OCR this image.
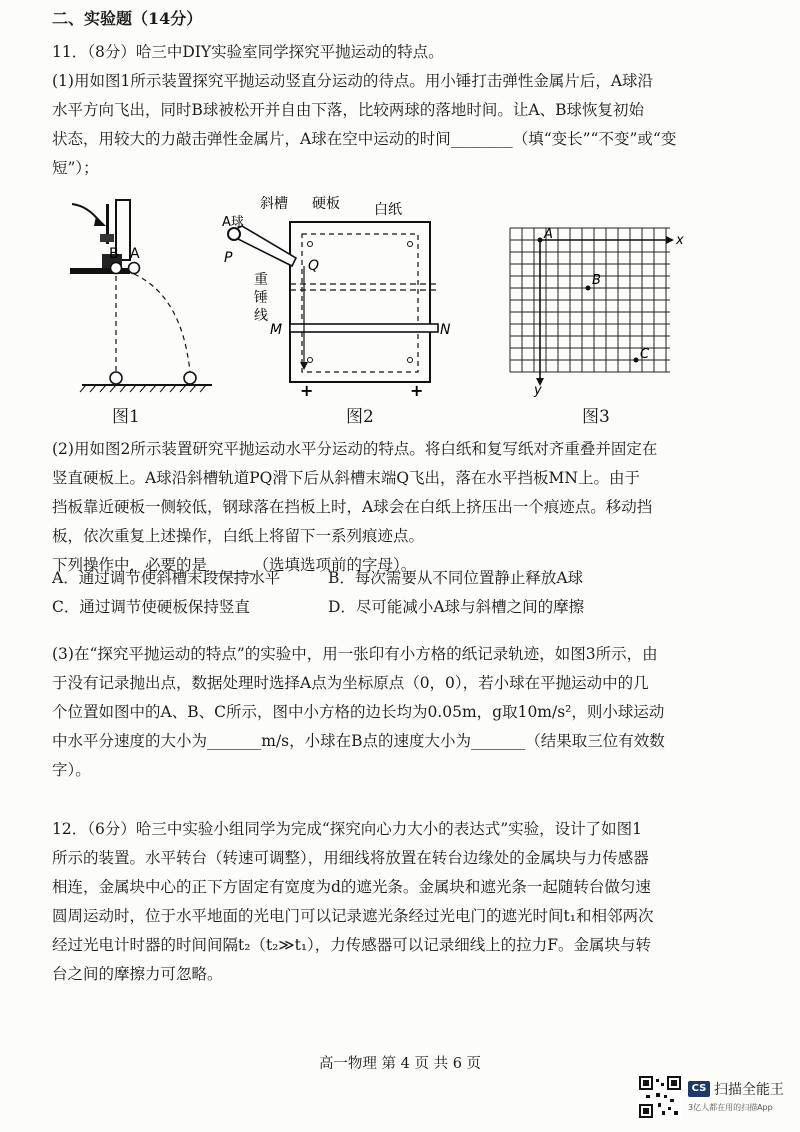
二、实验题（14分）
11．（8分）哈三中DIY实验室同学探究平抛运动的特点。
(1)用如图1所示装置探究平抛运动竖直分运动的待点。用小锤打击弹性金属片后，A球沿
水平方向飞出，同时B球被松开并自由下落，比较两球的落地时间。让A、B球恢复初始
状态，用较大的力敲击弹性金属片，A球在空中运动的时间________（填“变长”“不变”或“变
短”）；
B A
图1
+	+
斜槽 硬板 白纸
A球
P	Q
重
锤
线
M	N
图2
A
B
C
x
y
图3
(2)用如图2所示装置研究平抛运动水平分运动的特点。将白纸和复写纸对齐重叠并固定在
竖直硬板上。A球沿斜槽轨道PQ滑下后从斜槽末端Q飞出，落在水平挡板MN上。由于
挡板靠近硬板一侧较低，钢球落在挡板上时，A球会在白纸上挤压出一个痕迹点。移动挡
板，依次重复上述操作，白纸上将留下一系列痕迹点。
下列操作中，必要的是______（选填选项前的字母）。
A．通过调节使斜槽末段保持水平	B．每次需要从不同位置静止释放A球
C．通过调节使硬板保持竖直	D．尽可能减小A球与斜槽之间的摩擦
(3)在“探究平抛运动的特点”的实验中，用一张印有小方格的纸记录轨迹，如图3所示，由
于没有记录抛出点，数据处理时选择A点为坐标原点（0，0），若小球在平抛运动中的几
个位置如图中的A、B、C所示，图中小方格的边长均为0.05m，g取10m/s²，则小球运动
中水平分速度的大小为_______m/s，小球在B点的速度大小为_______（结果取三位有效数
字）。
12．（6分）哈三中实验小组同学为完成“探究向心力大小的表达式”实验，设计了如图1
所示的装置。水平转台（转速可调整），用细线将放置在转台边缘处的金属块与力传感器
相连，金属块中心的正下方固定有宽度为d的遮光条。金属块和遮光条一起随转台做匀速
圆周运动时，位于水平地面的光电门可以记录遮光条经过光电门的遮光时间t₁和相邻两次
经过光电计时器的时间间隔t₂（t₂≫t₁），力传感器可以记录细线上的拉力F。金属块与转
台之间的摩擦力可忽略。
高一物理 第 4 页 共 6 页
CS 扫描全能王
3亿人都在用的扫描App
